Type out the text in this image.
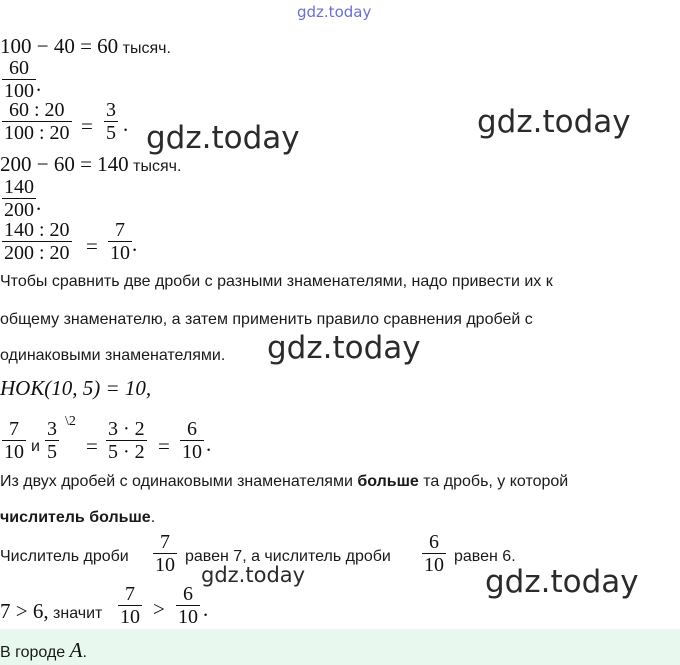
gdz.today
100 − 40 = 60 тысяч.
60
100 .
60 : 20
100 : 20 =
3
5 .
200 − 60 = 140 тысяч.
140
200 .
140 : 20
200 : 20 =
7
10 .
Чтобы сравнить две дроби с разными знаменателями, надо привести их к
общему знаменателю, а затем применить правило сравнения дробей с
одинаковыми знаменателями.
НОК(10, 5) = 10,
7
10 и
3
5
\2
=
3 · 2
5 · 2 =
6
10 .
Из двух дробей с одинаковыми знаменателями больше та дробь, у которой
числитель больше.
Числитель дроби
7
10 равен 7, а числитель дроби
6
10 равен 6.
7 > 6, значит
7
10 >
6
10 .
В городе A.
gdz.today	gdz.today
gdz.today
gdz.today	gdz.today
